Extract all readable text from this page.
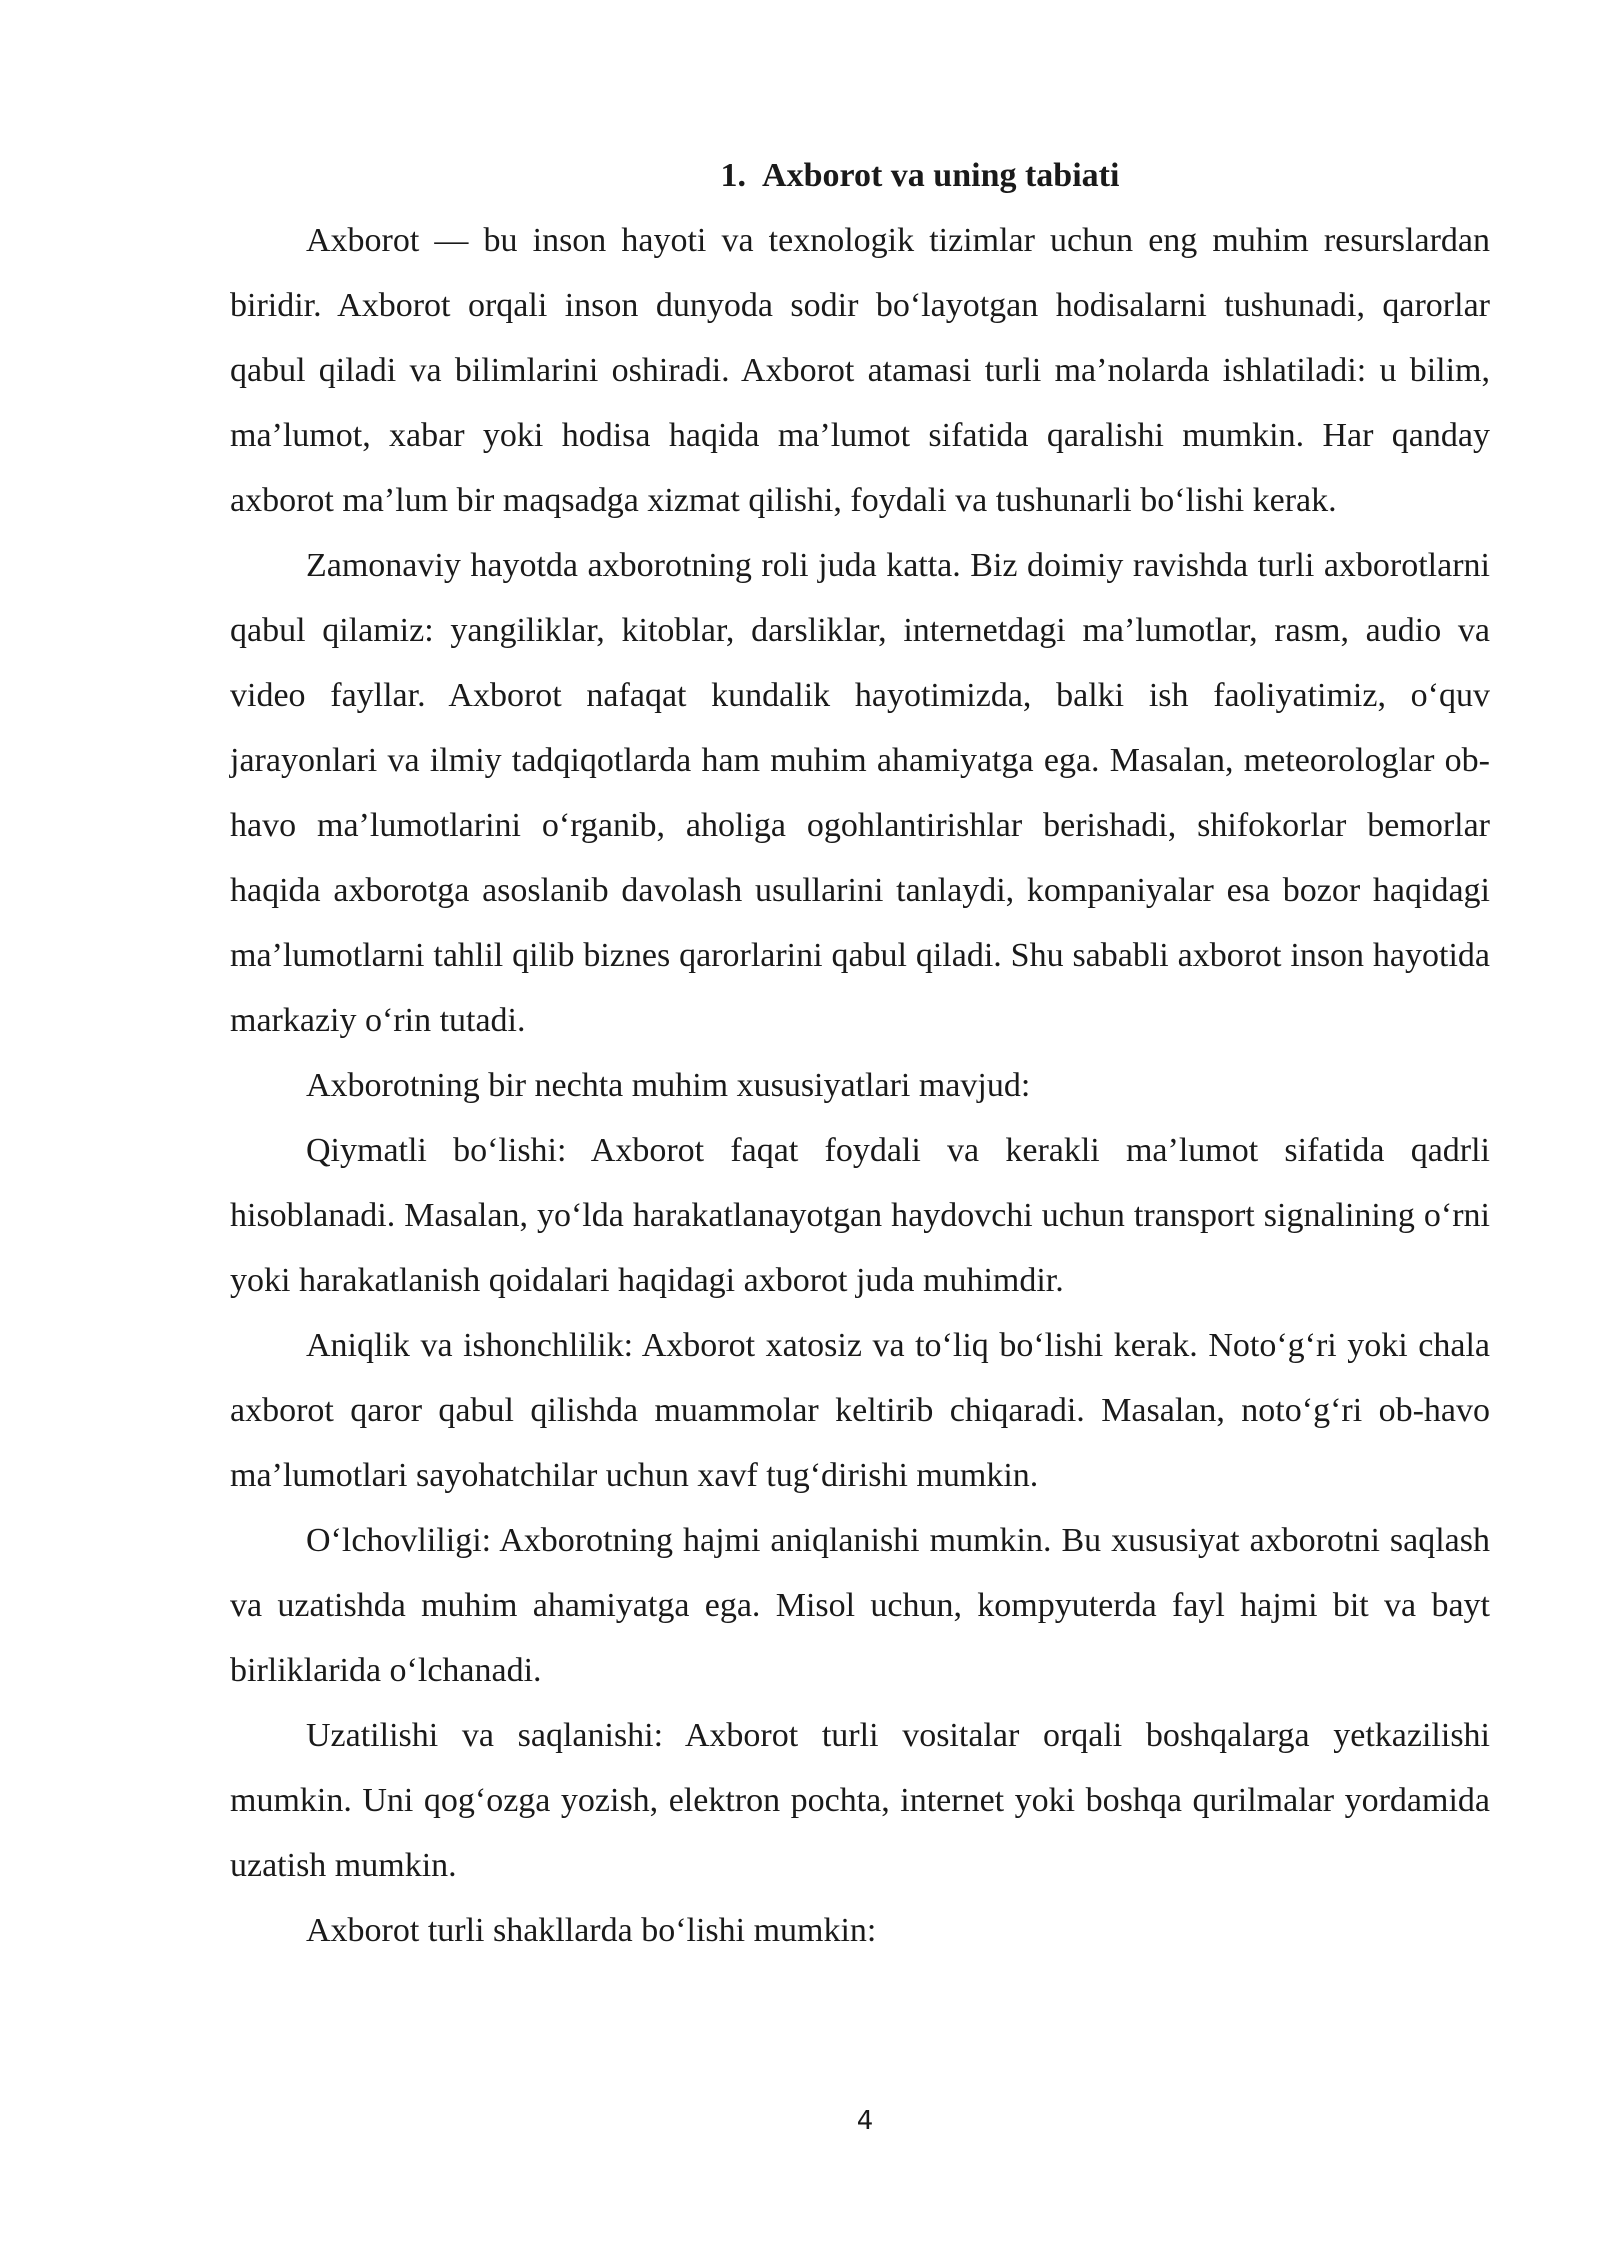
1. Axborot va uning tabiati

Axborot — bu inson hayoti va texnologik tizimlar uchun eng muhim resurslardan biridir. Axborot orqali inson dunyoda sodir bo‘layotgan hodisalarni tushunadi, qarorlar qabul qiladi va bilimlarini oshiradi. Axborot atamasi turli ma’nolarda ishlatiladi: u bilim, ma’lumot, xabar yoki hodisa haqida ma’lumot sifatida qaralishi mumkin. Har qanday axborot ma’lum bir maqsadga xizmat qilishi, foydali va tushunarli bo‘lishi kerak.

Zamonaviy hayotda axborotning roli juda katta. Biz doimiy ravishda turli axborotlarni qabul qilamiz: yangiliklar, kitoblar, darsliklar, internetdagi ma’lumotlar, rasm, audio va video fayllar. Axborot nafaqat kundalik hayotimizda, balki ish faoliyatimiz, o‘quv jarayonlari va ilmiy tadqiqotlarda ham muhim ahamiyatga ega. Masalan, meteorologlar ob-havo ma’lumotlarini o‘rganib, aholiga ogohlantirishlar berishadi, shifokorlar bemorlar haqida axborotga asoslanib davolash usullarini tanlaydi, kompaniyalar esa bozor haqidagi ma’lumotlarni tahlil qilib biznes qarorlarini qabul qiladi. Shu sababli axborot inson hayotida markaziy o‘rin tutadi.

Axborotning bir nechta muhim xususiyatlari mavjud:

Qiymatli bo‘lishi: Axborot faqat foydali va kerakli ma’lumot sifatida qadrli hisoblanadi. Masalan, yo‘lda harakatlanayotgan haydovchi uchun transport signalining o‘rni yoki harakatlanish qoidalari haqidagi axborot juda muhimdir.

Aniqlik va ishonchlilik: Axborot xatosiz va to‘liq bo‘lishi kerak. Noto‘g‘ri yoki chala axborot qaror qabul qilishda muammolar keltirib chiqaradi. Masalan, noto‘g‘ri ob-havo ma’lumotlari sayohatchilar uchun xavf tug‘dirishi mumkin.

O‘lchovliligi: Axborotning hajmi aniqlanishi mumkin. Bu xususiyat axborotni saqlash va uzatishda muhim ahamiyatga ega. Misol uchun, kompyuterda fayl hajmi bit va bayt birliklarida o‘lchanadi.

Uzatilishi va saqlanishi: Axborot turli vositalar orqali boshqalarga yetkazilishi mumkin. Uni qog‘ozga yozish, elektron pochta, internet yoki boshqa qurilmalar yordamida uzatish mumkin.

Axborot turli shakllarda bo‘lishi mumkin:

4
